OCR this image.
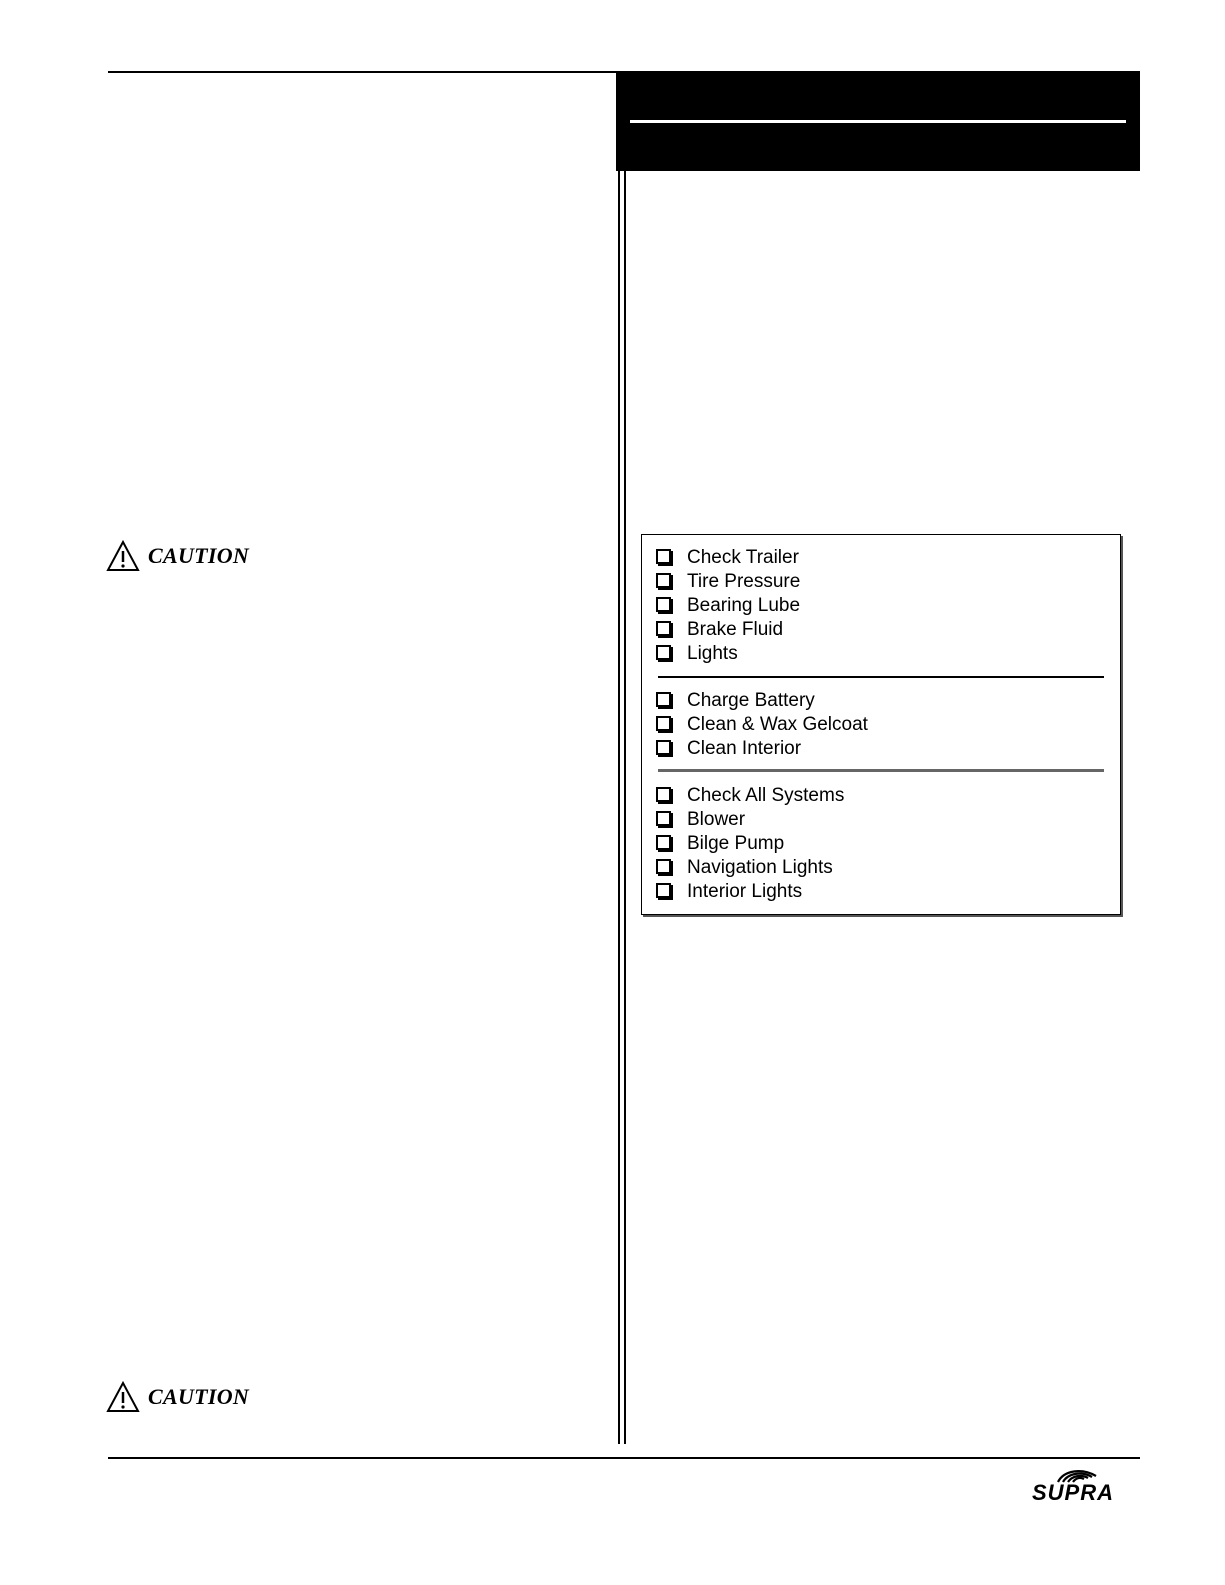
CAUTION	Check Trailer
Tire Pressure
Bearing Lube
Brake Fluid
Lights
Charge Battery
Clean & Wax Gelcoat
Clean Interior
Check All Systems
Blower
Bilge Pump
Navigation Lights
Interior Lights
CAUTION
SUPRA
